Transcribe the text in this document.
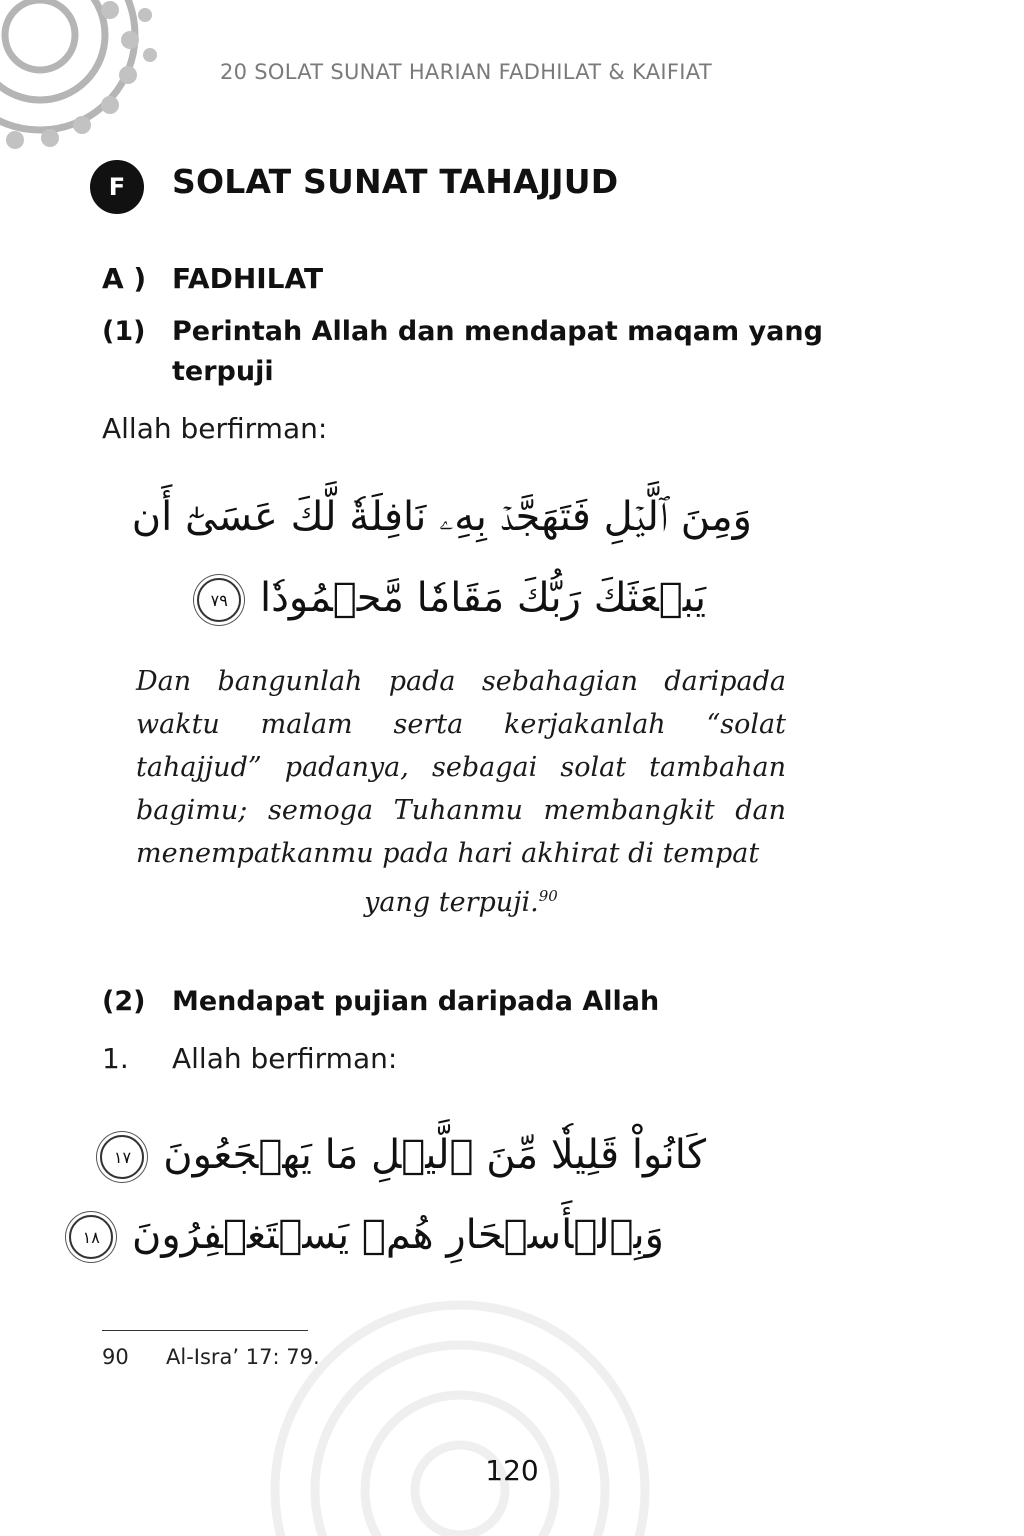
20 SOLAT SUNAT HARIAN FADHILAT & KAIFIAT
F	SOLAT SUNAT TAHAJJUD
A ) FADHILAT
(1) Perintah Allah dan mendapat maqam yang terpuji
Allah berfirman:
وَمِنَ ٱلَّيۡلِ فَتَهَجَّدۡ بِهِۦ نَافِلَةٗ لَّكَ عَسَىٰٓ أَن
يَبۡعَثَكَ رَبُّكَ مَقَامٗا مَّحۡمُودٗا ٧٩
Dan bangunlah pada sebahagian daripada waktu malam serta kerjakanlah “solat tahajjud” padanya, sebagai solat tambahan bagimu; semoga Tuhanmu membangkit dan menempatkanmu pada hari akhirat di tempat
yang terpuji.$^{90}$
(2) Mendapat pujian daripada Allah
1. Allah berfirman:
كَانُواْ قَلِيلٗا مِّنَ ٱلَّيۡلِ مَا يَهۡجَعُونَ ١٧
وَبِٱلۡأَسۡحَارِ هُمۡ يَسۡتَغۡفِرُونَ ١٨
90 Al-Isra’ 17: 79.
120
